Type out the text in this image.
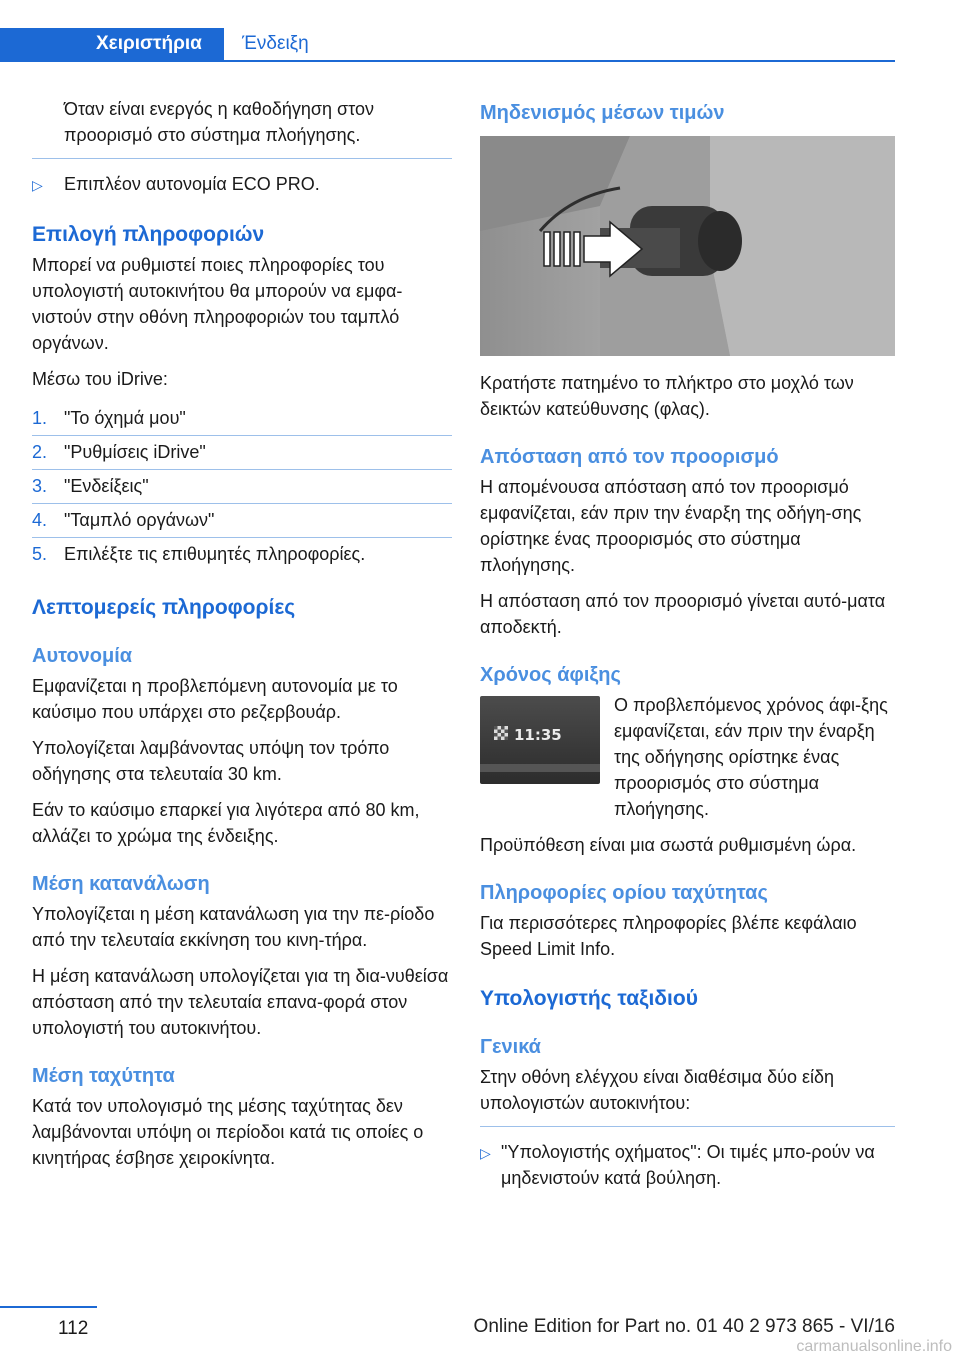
Χειριστήρια	Ένδειξη

Όταν είναι ενεργός η καθοδήγηση στον προορισμό στο σύστημα πλοήγησης.

▷	Επιπλέον αυτονομία ECO PRO.
Επιλογή πληροφοριών

Μπορεί να ρυθμιστεί ποιες πληροφορίες του υπολογιστή αυτοκινήτου θα μπορούν να εμφα-νιστούν στην οθόνη πληροφοριών του ταμπλό οργάνων.

Μέσω του iDrive:

1. "Το όχημά μου"
2. "Ρυθμίσεις iDrive"
3. "Ενδείξεις"
4. "Ταμπλό οργάνων"
5. Επιλέξτε τις επιθυμητές πληροφορίες.
Λεπτομερείς πληροφορίες
Αυτονομία

Εμφανίζεται η προβλεπόμενη αυτονομία με το καύσιμο που υπάρχει στο ρεζερβουάρ.

Υπολογίζεται λαμβάνοντας υπόψη τον τρόπο οδήγησης στα τελευταία 30 km.

Εάν το καύσιμο επαρκεί για λιγότερα από 80 km, αλλάζει το χρώμα της ένδειξης.

Μέση κατανάλωση

Υπολογίζεται η μέση κατανάλωση για την πε-ρίοδο από την τελευταία εκκίνηση του κινη-τήρα.

Η μέση κατανάλωση υπολογίζεται για τη δια-νυθείσα απόσταση από την τελευταία επανα-φορά στον υπολογιστή του αυτοκινήτου.

Μέση ταχύτητα

Κατά τον υπολογισμό της μέσης ταχύτητας δεν λαμβάνονται υπόψη οι περίοδοι κατά τις οποίες ο κινητήρας έσβησε χειροκίνητα.

Μηδενισμός μέσων τιμών

Κρατήστε πατημένο το πλήκτρο στο μοχλό των δεικτών κατεύθυνσης (φλας).

Απόσταση από τον προορισμό

Η απομένουσα απόσταση από τον προορισμό εμφανίζεται, εάν πριν την έναρξη της οδήγη-σης ορίστηκε ένας προορισμός στο σύστημα πλοήγησης.

Η απόσταση από τον προορισμό γίνεται αυτό-ματα αποδεκτή.

Χρόνος άφιξης
11:35

Ο προβλεπόμενος χρόνος άφι-ξης εμφανίζεται, εάν πριν την έναρξη της οδήγησης ορίστηκε ένας προορισμός στο σύστημα πλοήγησης.

Προϋπόθεση είναι μια σωστά ρυθμισμένη ώρα.

Πληροφορίες ορίου ταχύτητας

Για περισσότερες πληροφορίες βλέπε κεφάλαιο Speed Limit Info.

Υπολογιστής ταξιδιού
Γενικά

Στην οθόνη ελέγχου είναι διαθέσιμα δύο είδη υπολογιστών αυτοκινήτου:

▷ "Υπολογιστής οχήματος": Οι τιμές μπο-ρούν να μηδενιστούν κατά βούληση.
112	Online Edition for Part no. 01 40 2 973 865 - VI/16
carmanualsonline.info
